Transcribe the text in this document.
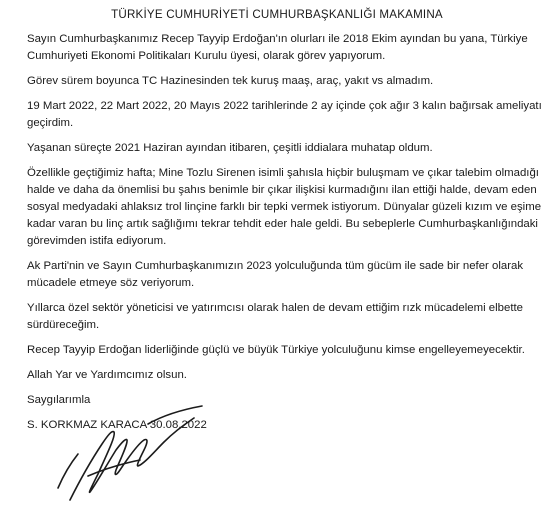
TÜRKİYE CUMHURİYETİ CUMHURBAŞKANLIĞI MAKAMINA
Sayın Cumhurbaşkanımız Recep Tayyip Erdoğan'ın olurları ile 2018 Ekim ayından bu yana, Türkiye
Cumhuriyeti Ekonomi Politikaları Kurulu üyesi, olarak görev yapıyorum.
Görev sürem boyunca TC Hazinesinden tek kuruş maaş, araç, yakıt vs almadım.
19 Mart 2022, 22 Mart 2022, 20 Mayıs 2022 tarihlerinde 2 ay içinde çok ağır 3 kalın bağırsak ameliyatı
geçirdim.
Yaşanan süreçte 2021 Haziran ayından itibaren, çeşitli iddialara muhatap oldum.
Özellikle geçtiğimiz hafta; Mine Tozlu Sirenen isimli şahısla hiçbir buluşmam ve çıkar talebim olmadığı
halde ve daha da önemlisi bu şahıs benimle bir çıkar ilişkisi kurmadığını ilan ettiği halde, devam eden
sosyal medyadaki ahlaksız trol linçine farklı bir tepki vermek istiyorum. Dünyalar güzeli kızım ve eşime
kadar varan bu linç artık sağlığımı tekrar tehdit eder hale geldi. Bu sebeplerle Cumhurbaşkanlığındaki
görevimden istifa ediyorum.
Ak Parti'nin ve Sayın Cumhurbaşkanımızın 2023 yolculuğunda tüm gücüm ile sade bir nefer olarak
mücadele etmeye söz veriyorum.
Yıllarca özel sektör yöneticisi ve yatırımcısı olarak halen de devam ettiğim rızk mücadelemi elbette
sürdüreceğim.
Recep Tayyip Erdoğan liderliğinde güçlü ve büyük Türkiye yolculuğunu kimse engelleyemeyecektir.
Allah Yar ve Yardımcımız olsun.
Saygılarımla
S. KORKMAZ KARACA 30.08.2022
